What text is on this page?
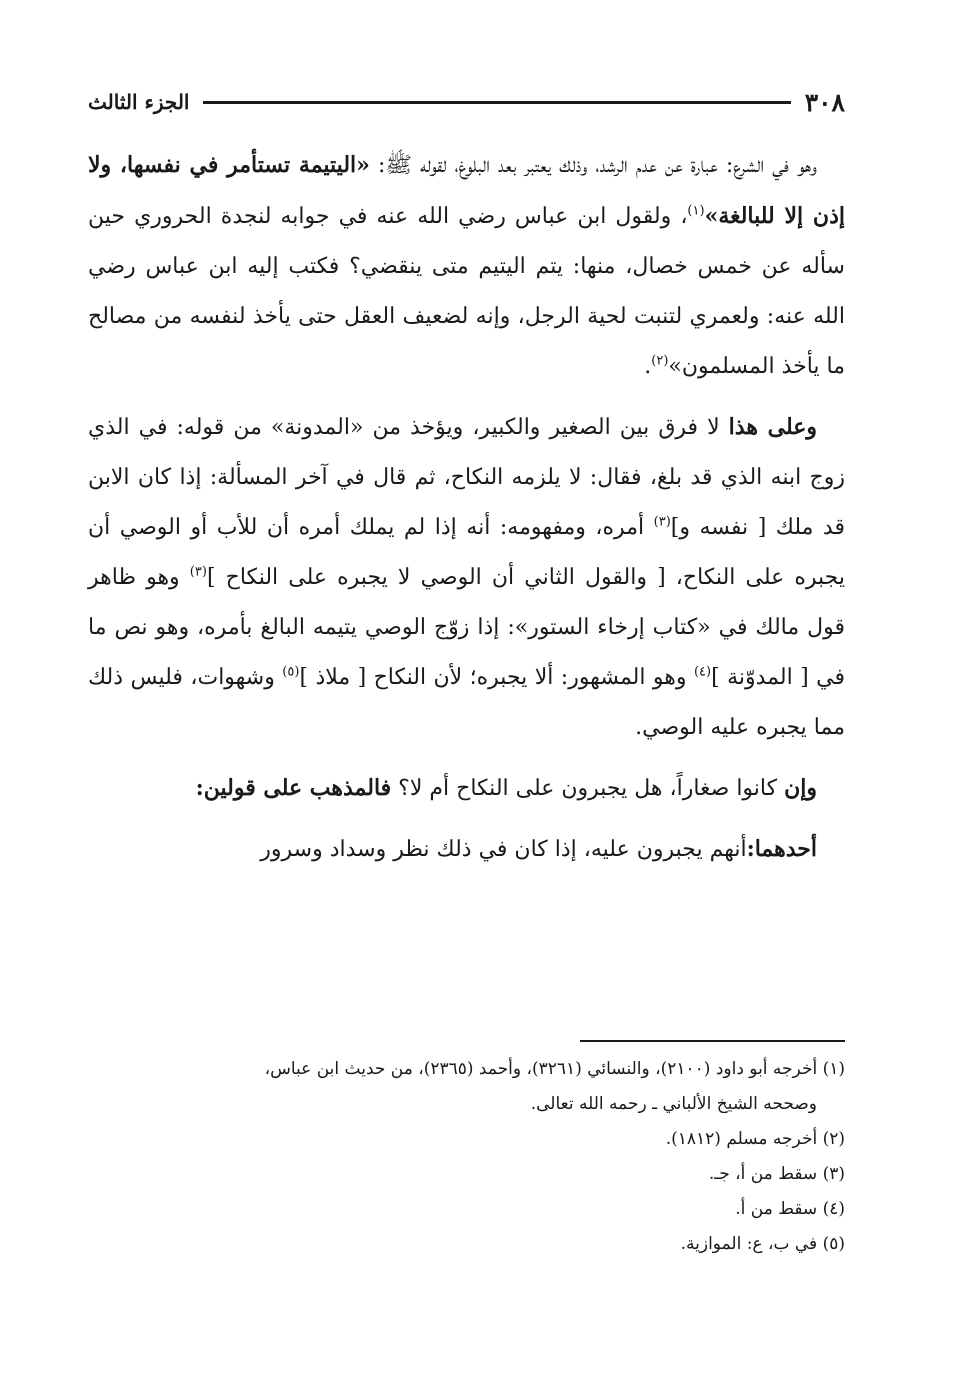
٣٠٨
الجزء الثالث

وهو في الشرع: عبارة عن عدم الرشد، وذلك يعتبر بعد البلوغ، لقوله ﷺ: «اليتيمة تستأمر في نفسها، ولا إذن إلا للبالغة»$^{(١)}$، ولقول ابن عباس رضي الله عنه في جوابه لنجدة الحروري حين سأله عن خمس خصال، منها: يتم اليتيم متى ينقضي؟ فكتب إليه ابن عباس رضي الله عنه: ولعمري لتنبت لحية الرجل، وإنه لضعيف العقل حتى يأخذ لنفسه من مصالح ما يأخذ المسلمون»$^{(٢)}$.

وعلى هذا لا فرق بين الصغير والكبير، ويؤخذ من «المدونة» من قوله: في الذي زوج ابنه الذي قد بلغ، فقال: لا يلزمه النكاح، ثم قال في آخر المسألة: إذا كان الابن قد ملك [ نفسه و]$^{(٣)}$ أمره، ومفهومه: أنه إذا لم يملك أمره أن للأب أو الوصي أن يجبره على النكاح، [ والقول الثاني أن الوصي لا يجبره على النكاح ]$^{(٣)}$ وهو ظاهر قول مالك في «كتاب إرخاء الستور»: إذا زوّج الوصي يتيمه البالغ بأمره، وهو نص ما في [ المدوّنة ]$^{(٤)}$ وهو المشهور: ألا يجبره؛ لأن النكاح [ ملاذ ]$^{(٥)}$ وشهوات، فليس ذلك مما يجبره عليه الوصي.

وإن كانوا صغاراً، هل يجبرون على النكاح أم لا؟ فالمذهب على قولين:

أحدهما:أنهم يجبرون عليه، إذا كان في ذلك نظر وسداد وسرور

(١) أخرجه أبو داود (٢١٠٠)، والنسائي (٣٢٦١)، وأحمد (٢٣٦٥)، من حديث ابن عباس،

وصححه الشيخ الألباني ـ رحمه الله تعالى.

(٢) أخرجه مسلم (١٨١٢).

(٣) سقط من أ، جـ.

(٤) سقط من أ.

(٥) في ب، ع: الموازية.
